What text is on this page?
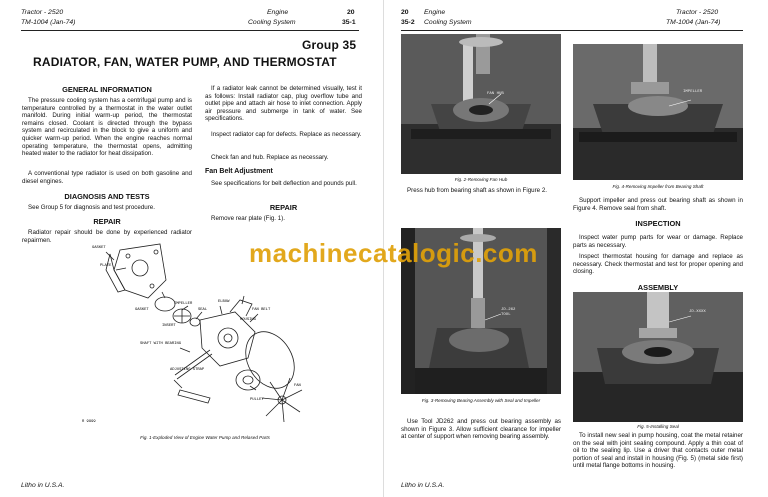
Tractor - 2520
TM-1004 (Jan-74)
Engine
Cooling System
20
35-1
Group 35
RADIATOR, FAN, WATER PUMP, AND THERMOSTAT
GENERAL INFORMATION

The pressure cooling system has a centrifugal pump and is temperature controlled by a thermostat in the water outlet manifold. During initial warm-up period, the thermostat remains closed. Coolant is directed through the bypass system and recirculated in the block to give a uniform and quicker warm-up period. When the engine reaches normal operating temperature, the thermostat opens, admitting heated water to the radiator for heat dissipation.

A conventional type radiator is used on both gasoline and diesel engines.

DIAGNOSIS AND TESTS

See Group 5 for diagnosis and test procedure.

REPAIR

Radiator repair should be done by experienced radiator repairmen.

If a radiator leak cannot be determined visually, test it as follows: Install radiator cap, plug overflow tube and outlet pipe and attach air hose to inlet connection. Apply air pressure and submerge in tank of water. See specifications.

Inspect radiator cap for defects. Replace as necessary.

Check fan and hub. Replace as necessary.

Fan Belt Adjustment

See specifications for belt deflection and pounds pull.

REPAIR

Remove rear plate (Fig. 1).

GASKET
PLATE
GASKET
IMPELLER
SEAL
INSERT
ELBOW
FAN BELT
HOUSING
SHAFT WITH BEARING
ADJUSTING STRAP
PULLEY
FAN
R 9999
Fig. 1-Exploded View of Engine Water Pump and Relased Parts
Litho in U.S.A.
20
35-2
Engine
Cooling System
Tractor - 2520
TM-1004 (Jan-74)
FAN HUB
Fig. 2-Removing Fan Hub
IMPELLER
Fig. 4-Removing Impeller from Bearing Shaft

Press hub from bearing shaft as shown in Figure 2.

Support impeller and press out bearing shaft as shown in Figure 4. Remove seal from shaft.

INSPECTION

Inspect water pump parts for wear or damage. Replace parts as necessary.

Inspect thermostat housing for damage and replace as necessary. Check thermostat and test for proper opening and closing.

ASSEMBLY
JD-262 TOOL
Fig. 3-Removing Bearing Assembly with Seal and Impeller
JD-XXXX
Fig. 5-Installing Seal

Use Tool JD262 and press out bearing assembly as shown in Figure 3. Allow sufficient clearance for impeller at center of support when removing bearing assembly.	To install new seal in pump housing, coat the metal retainer on the seal with joint sealing compound. Apply a thin coat of oil to the sealing lip. Use a driver that contacts outer metal portion of seal and install in housing (Fig. 5) (metal side first) until metal flange bottoms in housing.

Litho in U.S.A.
machinecatalogic.com
